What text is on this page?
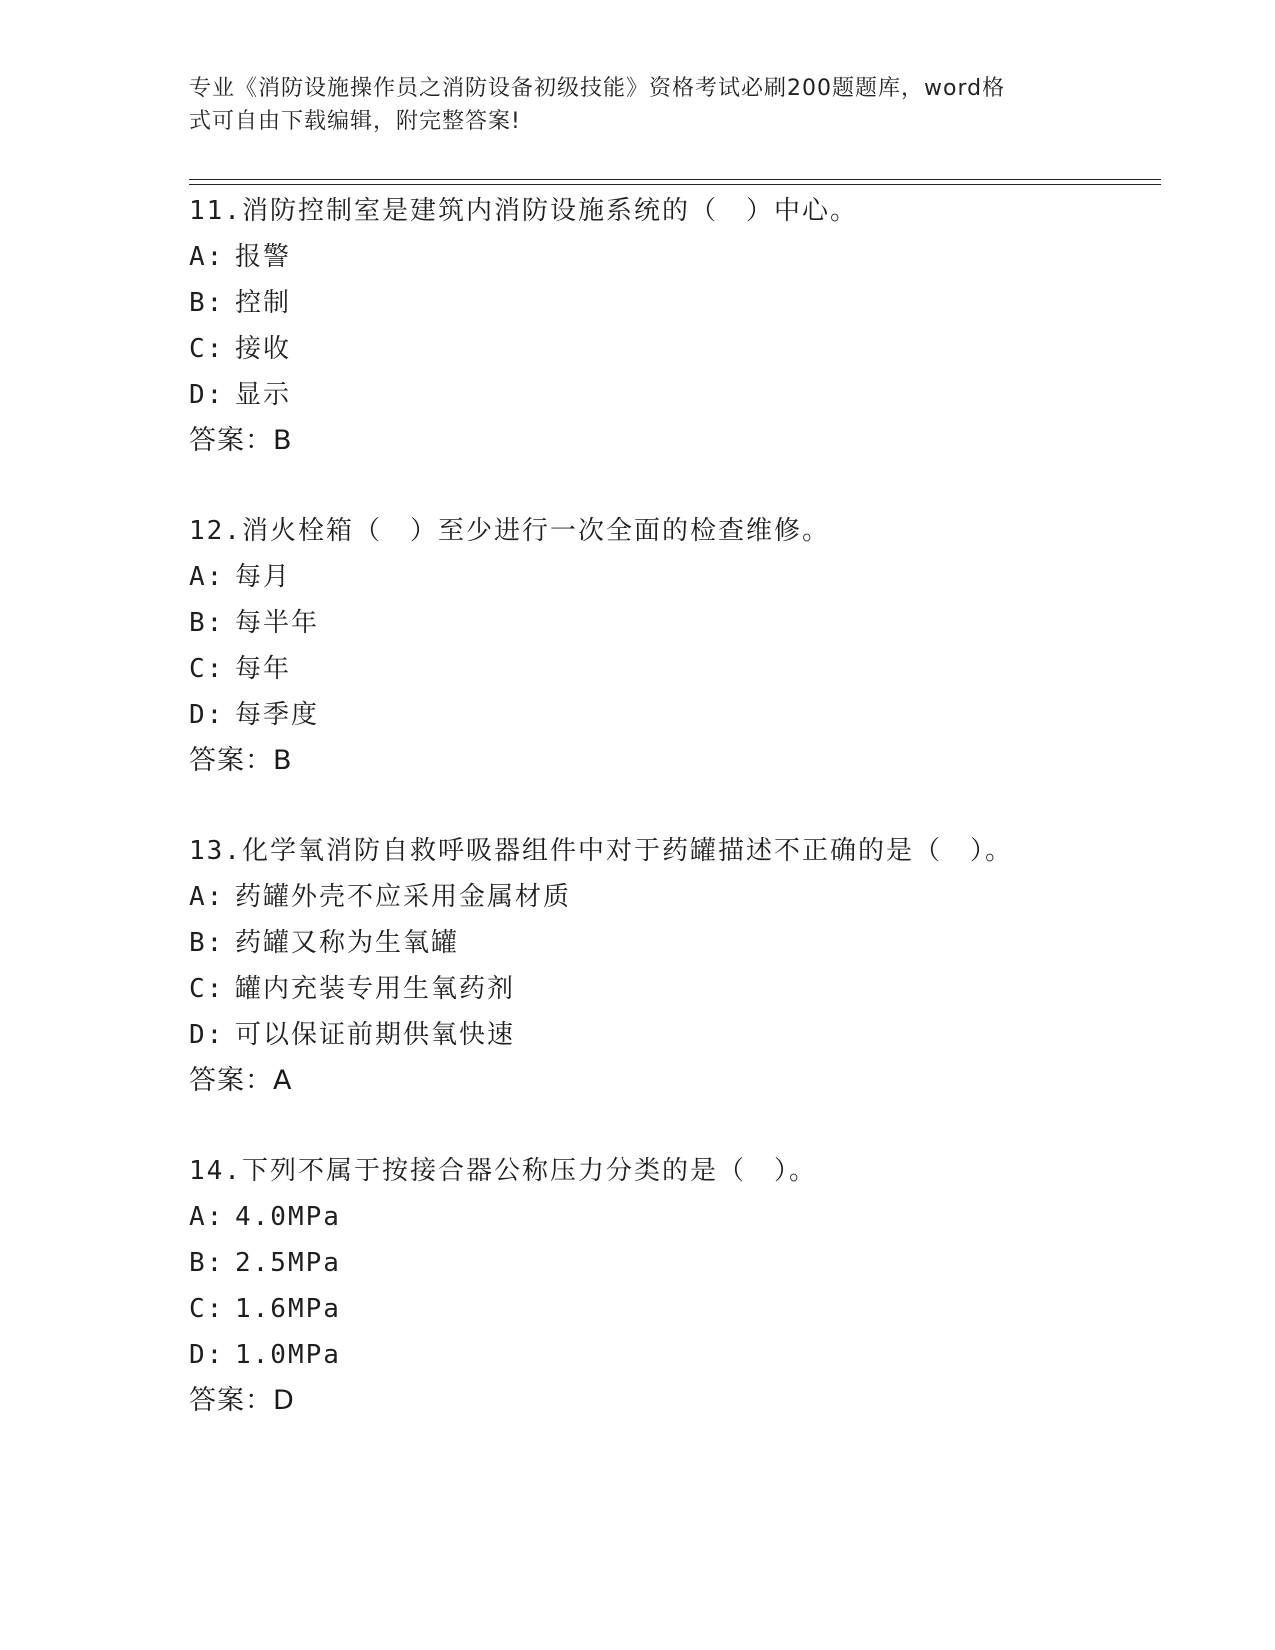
专业《消防设施操作员之消防设备初级技能》资格考试必刷200题题库，word格
式可自由下载编辑，附完整答案!
11.消防控制室是建筑内消防设施系统的（　）中心。
A: 报警
B: 控制
C: 接收
D: 显示
答案：B
12.消火栓箱（　）至少进行一次全面的检查维修。
A: 每月
B: 每半年
C: 每年
D: 每季度
答案：B
13.化学氧消防自救呼吸器组件中对于药罐描述不正确的是（　）。
A: 药罐外壳不应采用金属材质
B: 药罐又称为生氧罐
C: 罐内充装专用生氧药剂
D: 可以保证前期供氧快速
答案：A
14.下列不属于按接合器公称压力分类的是（　）。
A: 4.0MPa
B: 2.5MPa
C: 1.6MPa
D: 1.0MPa
答案：D
